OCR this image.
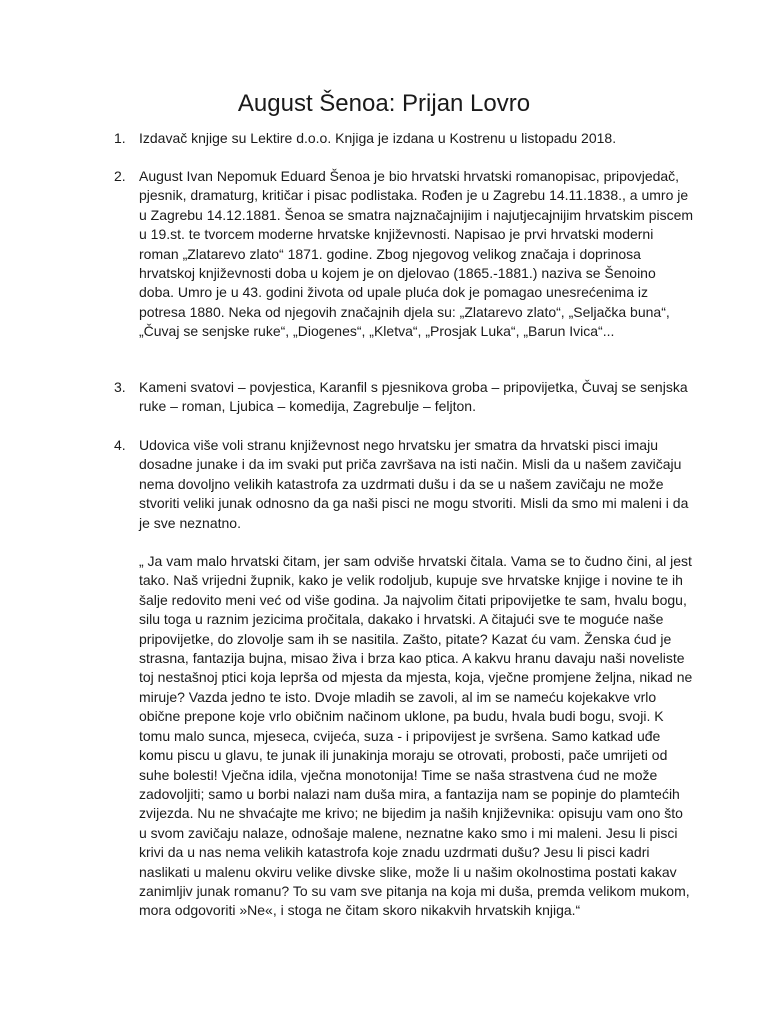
August Šenoa: Prijan Lovro
1. Izdavač knjige su Lektire d.o.o. Knjiga je izdana u Kostrenu u listopadu 2018.

2. August Ivan Nepomuk Eduard Šenoa je bio hrvatski hrvatski romanopisac, pripovjedač, pjesnik, dramaturg, kritičar i pisac podlistaka. Rođen je u Zagrebu 14.11.1838., a umro je u Zagrebu 14.12.1881. Šenoa se smatra najznačajnijim i najutjecajnijim hrvatskim piscem u 19.st. te tvorcem moderne hrvatske književnosti. Napisao je prvi hrvatski moderni roman „Zlatarevo zlato“ 1871. godine. Zbog njegovog velikog značaja i doprinosa hrvatskoj književnosti doba u kojem je on djelovao (1865.-1881.) naziva se Šenoino doba. Umro je u 43. godini života od upale pluća dok je pomagao unesrećenima iz potresa 1880. Neka od njegovih značajnih djela su: „Zlatarevo zlato“, „Seljačka buna“, „Čuvaj se senjske ruke“, „Diogenes“, „Kletva“, „Prosjak Luka“, „Barun Ivica“...

3. Kameni svatovi – povjestica, Karanfil s pjesnikova groba – pripovijetka, Čuvaj se senjska ruke – roman, Ljubica – komedija, Zagrebulje – feljton.

4. Udovica više voli stranu književnost nego hrvatsku jer smatra da hrvatski pisci imaju dosadne junake i da im svaki put priča završava na isti način. Misli da u našem zavičaju nema dovoljno velikih katastrofa za uzdrmati dušu i da se u našem zavičaju ne može stvoriti veliki junak odnosno da ga naši pisci ne mogu stvoriti. Misli da smo mi maleni i da je sve neznatno.

„ Ja vam malo hrvatski čitam, jer sam odviše hrvatski čitala. Vama se to čudno čini, al jest tako. Naš vrijedni župnik, kako je velik rodoljub, kupuje sve hrvatske knjige i novine te ih šalje redovito meni već od više godina. Ja najvolim čitati pripovijetke te sam, hvalu bogu, silu toga u raznim jezicima pročitala, dakako i hrvatski. A čitajući sve te moguće naše pripovijetke, do zlovolje sam ih se nasitila. Zašto, pitate? Kazat ću vam. Ženska ćud je strasna, fantazija bujna, misao živa i brza kao ptica. A kakvu hranu davaju naši noveliste toj nestašnoj ptici koja leprša od mjesta da mjesta, koja, vječne promjene željna, nikad ne miruje? Vazda jedno te isto. Dvoje mladih se zavoli, al im se nameću kojekakve vrlo obične prepone koje vrlo običnim načinom uklone, pa budu, hvala budi bogu, svoji. K tomu malo sunca, mjeseca, cvijeća, suza - i pripovijest je svršena. Samo katkad uđe komu piscu u glavu, te junak ili junakinja moraju se otrovati, probosti, pače umrijeti od suhe bolesti! Vječna idila, vječna monotonija! Time se naša strastvena ćud ne može zadovoljiti; samo u borbi nalazi nam duša mira, a fantazija nam se popinje do plamtećih zvijezda. Nu ne shvaćajte me krivo; ne bijedim ja naših književnika: opisuju vam ono što u svom zavičaju nalaze, odnošaje malene, neznatne kako smo i mi maleni. Jesu li pisci krivi da u nas nema velikih katastrofa koje znadu uzdrmati dušu? Jesu li pisci kadri naslikati u malenu okviru velike divske slike, može li u našim okolnostima postati kakav zanimljiv junak romanu? To su vam sve pitanja na koja mi duša, premda velikom mukom, mora odgovoriti »Ne«, i stoga ne čitam skoro nikakvih hrvatskih knjiga.“
